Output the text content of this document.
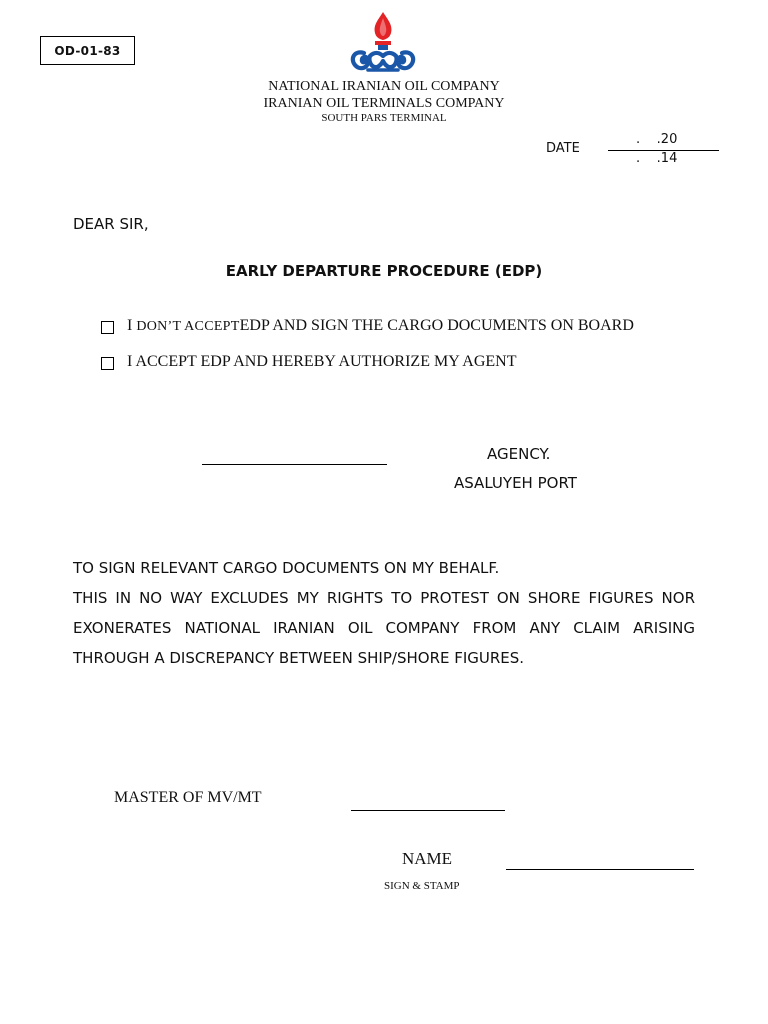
OD-01-83
NATIONAL IRANIAN OIL COMPANY
IRANIAN OIL TERMINALS COMPANY
SOUTH PARS TERMINAL
DATE
.    .20
.    .14
DEAR SIR,
EARLY DEPARTURE PROCEDURE (EDP)
I DON’T ACCEPTEDP AND SIGN THE CARGO DOCUMENTS ON BOARD
I ACCEPT EDP AND HEREBY AUTHORIZE MY AGENT
AGENCY.
ASALUYEH PORT
TO SIGN RELEVANT CARGO DOCUMENTS ON MY BEHALF.
THIS IN NO WAY EXCLUDES MY RIGHTS TO PROTEST ON SHORE FIGURES NOR EXONERATES NATIONAL IRANIAN OIL COMPANY FROM ANY CLAIM ARISING THROUGH A DISCREPANCY BETWEEN SHIP/SHORE FIGURES.
MASTER OF MV/MT
NAME
SIGN & STAMP
